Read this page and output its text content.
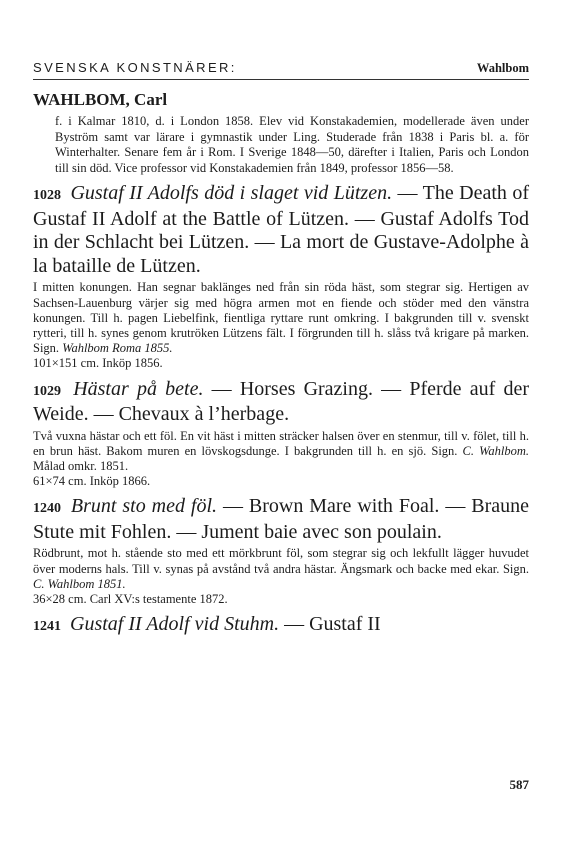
SVENSKA KONSTNÄRER:	Wahlbom
WAHLBOM, Carl
f. i Kalmar 1810, d. i London 1858. Elev vid Konstakademien, modellerade även under Byström samt var lärare i gymnastik under Ling. Studerade från 1838 i Paris bl. a. för Winterhalter. Senare fem år i Rom. I Sverige 1848—50, därefter i Italien, Paris och London till sin död. Vice professor vid Konstakademien från 1849, professor 1856—58.
1028 Gustaf II Adolfs död i slaget vid Lützen. — The Death of Gustaf II Adolf at the Battle of Lützen. — Gustaf Adolfs Tod in der Schlacht bei Lützen. — La mort de Gustave-Adolphe à la bataille de Lützen.
I mitten konungen. Han segnar baklänges ned från sin röda häst, som stegrar sig. Hertigen av Sachsen-Lauenburg värjer sig med högra armen mot en fiende och stöder med den vänstra konungen. Till h. pagen Liebelfink, fientliga ryttare runt omkring. I bakgrunden till v. svenskt rytteri, till h. synes genom krutröken Lützens fält. I förgrunden till h. slåss två krigare på marken. Sign. Wahlbom Roma 1855.
101×151 cm. Inköp 1856.
1029 Hästar på bete. — Horses Grazing. — Pferde auf der Weide. — Chevaux à l’herbage.
Två vuxna hästar och ett föl. En vit häst i mitten sträcker halsen över en stenmur, till v. fölet, till h. en brun häst. Bakom muren en lövskogsdunge. I bakgrunden till h. en sjö. Sign. C. Wahlbom. Målad omkr. 1851.
61×74 cm. Inköp 1866.
1240 Brunt sto med föl. — Brown Mare with Foal. — Braune Stute mit Fohlen. — Jument baie avec son poulain.
Rödbrunt, mot h. stående sto med ett mörkbrunt föl, som stegrar sig och lekfullt lägger huvudet över moderns hals. Till v. synas på avstånd två andra hästar. Ängsmark och backe med ekar. Sign. C. Wahlbom 1851.
36×28 cm. Carl XV:s testamente 1872.
1241 Gustaf II Adolf vid Stuhm. — Gustaf II
587
